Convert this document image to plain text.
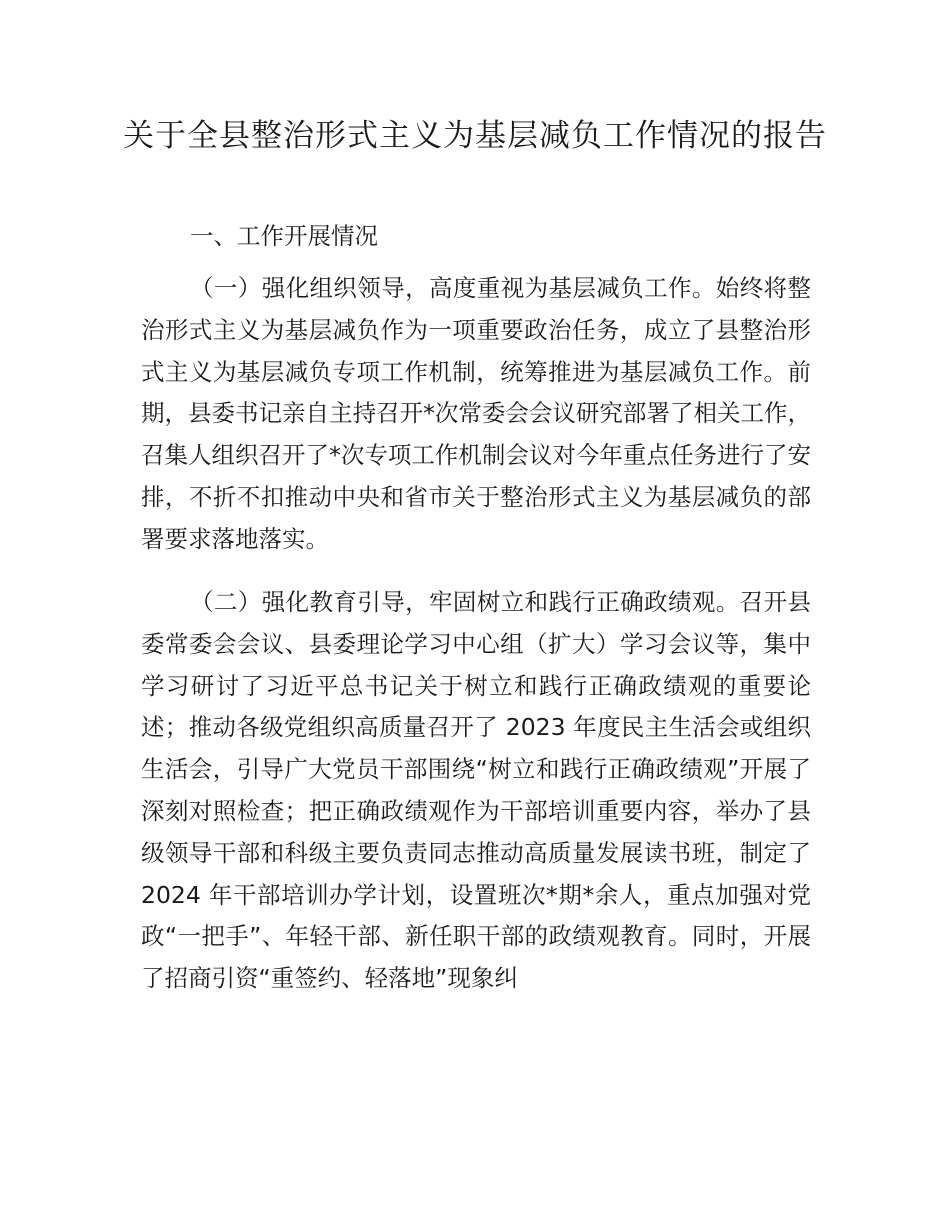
关于全县整治形式主义为基层减负工作情况的报告

一、工作开展情况

（一）强化组织领导，高度重视为基层减负工作。始终将整治形式主义为基层减负作为一项重要政治任务，成立了县整治形式主义为基层减负专项工作机制，统筹推进为基层减负工作。前期，县委书记亲自主持召开*次常委会会议研究部署了相关工作，召集人组织召开了*次专项工作机制会议对今年重点任务进行了安排，不折不扣推动中央和省市关于整治形式主义为基层减负的部署要求落地落实。

（二）强化教育引导，牢固树立和践行正确政绩观。召开县委常委会会议、县委理论学习中心组（扩大）学习会议等，集中学习研讨了习近平总书记关于树立和践行正确政绩观的重要论述；推动各级党组织高质量召开了 2023 年度民主生活会或组织生活会，引导广大党员干部围绕“树立和践行正确政绩观”开展了深刻对照检查；把正确政绩观作为干部培训重要内容，举办了县级领导干部和科级主要负责同志推动高质量发展读书班，制定了 2024 年干部培训办学计划，设置班次*期*余人，重点加强对党政“一把手”、年轻干部、新任职干部的政绩观教育。同时，开展了招商引资“重签约、轻落地”现象纠
